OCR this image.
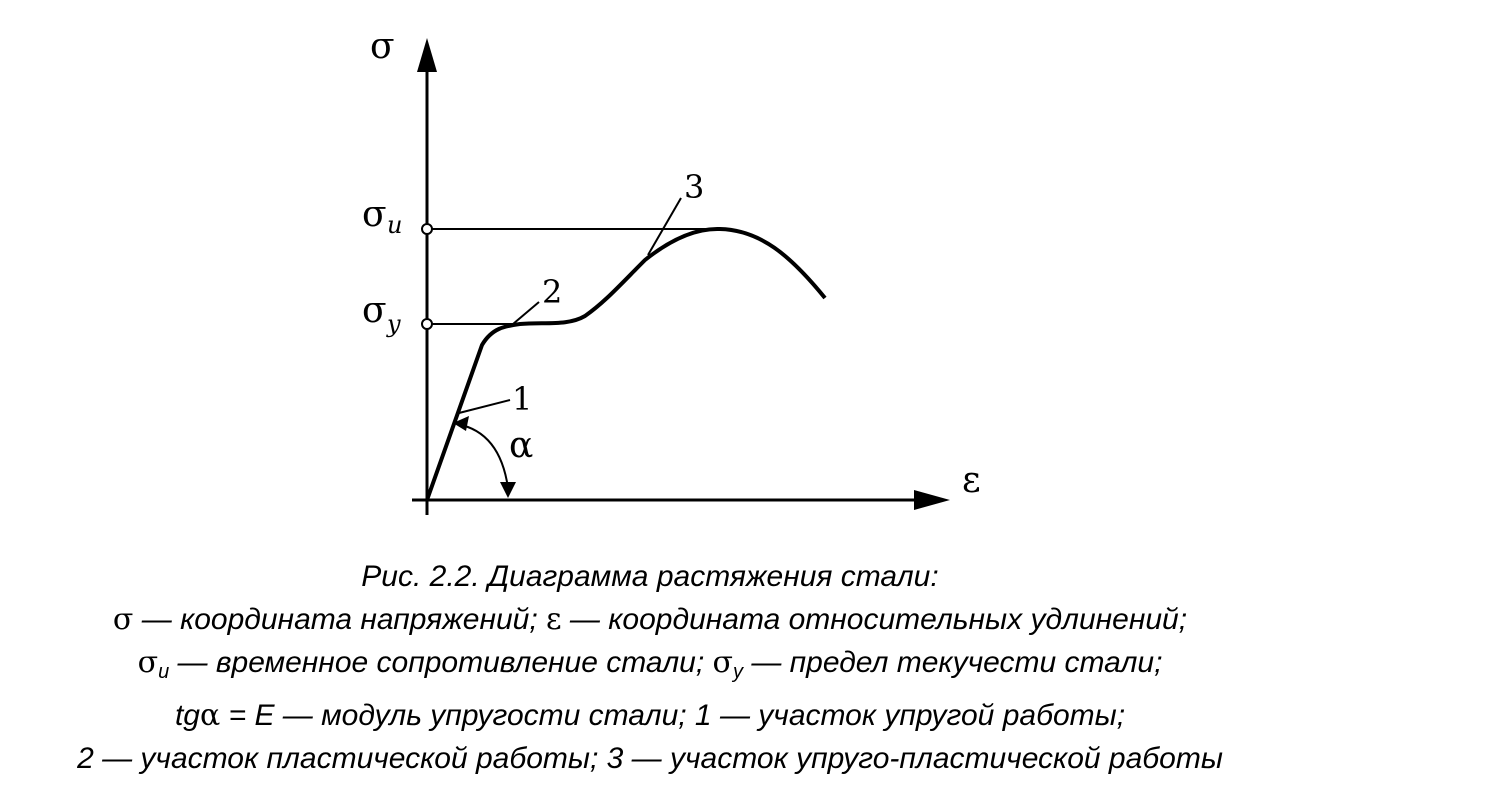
σ
ε
σ u
σ y
1
2
3
α
Рис. 2.2. Диаграмма растяжения стали:
σ — координата напряжений; ε — координата относительных удлинений;
$\sigma_u$ — временное сопротивление стали; $\sigma_y$ — предел текучести стали;
tgα = E — модуль упругости стали; 1 — участок упругой работы;
2 — участок пластической работы; 3 — участок упруго-пластической работы
